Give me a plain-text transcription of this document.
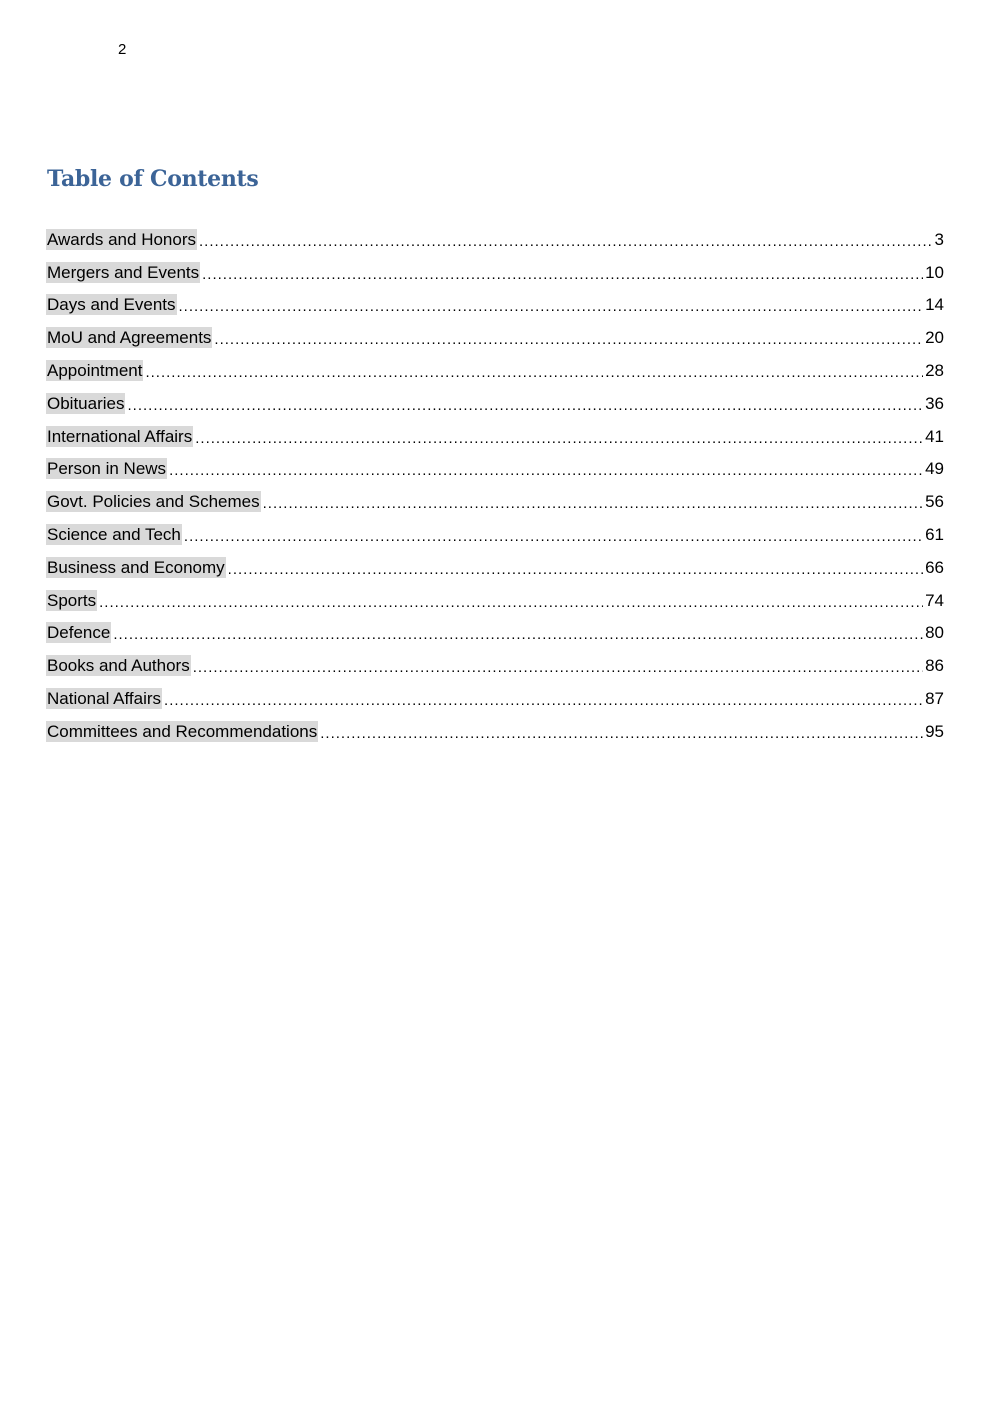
2
Table of Contents
Awards and Honors .....	3
Mergers and Events .....	10
Days and Events .....	14
MoU and Agreements .....	20
Appointment .....	28
Obituaries .....	36
International Affairs .....	41
Person in News .....	49
Govt. Policies and Schemes .....	56
Science and Tech .....	61
Business and Economy .....	66
Sports .....	74
Defence .....	80
Books and Authors .....	86
National Affairs .....	87
Committees and Recommendations .....	95
